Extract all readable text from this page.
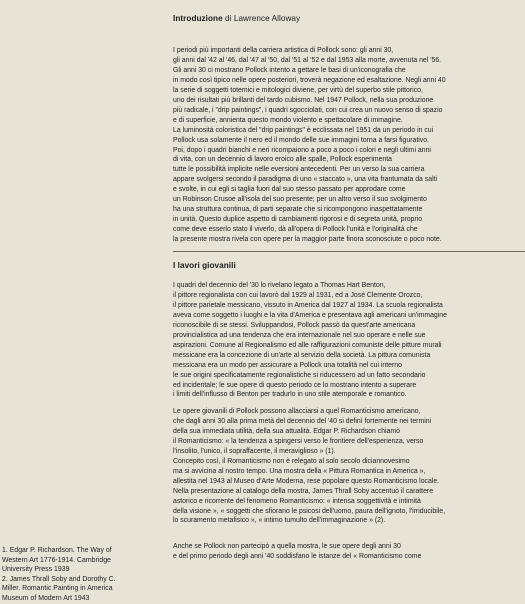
Introduzione di Lawrence Alloway
I periodi più importanti della carriera artistica di Pollock sono: gli anni 30,
gli anni dal '42 al '46, dal '47 al '50, dal '51 al '52 e dal 1953 alla morte, avvenuta nel '56.
Gli anni 30 ci mostrano Pollock intento a gettare le basi di un'iconografia che
in modo così tipico nelle opere posteriori, troverà negazione ed esaltazione. Negli anni 40
la serie di soggetti totemici e mitologici diviene, per virtù del superbo stile pittorico,
uno dei risultati più brillanti del tardo cubismo. Nel 1947 Pollock, nella sua produzione
più radicale, i "drip paintings", i quadri sgocciolati, con cui crea un nuovo senso di spazio
e di superficie, annienta questo mondo violento e spettacolare di immagine.
La luminosità coloristica del "drip paintings" è ecclissata nel 1951 da un periodo in cui
Pollock usa solamente il nero ed il mondo delle sue immagini torna a farsi figurativo.
Poi, dopo i quadri bianchi e neri ricompaiono a poco a poco i colori e negli ultimi anni
di vita, con un decennio di lavoro eroico alle spalle, Pollock esperimenta
tutte le possibilità implicite nelle eversioni antecedenti. Per un verso la sua carriera
appare svolgersi secondo il paradigma di uno « staccato », una vita frantumata da salti
e svolte, in cui egli si taglia fuori dal suo stesso passato per approdare come
un Robinson Crusoe all'isola del suo presente; per un altro verso il suo svolgimento
ha una struttura continua, di parti separate che si ricompongono inaspettatamente
in unità. Questo duplice aspetto di cambiamenti rigorosi e di segreta unità, proprio
come deve esserlo stato il viverlo, dà all'opera di Pollock l'unità e l'originalità che
la presente mostra rivela con opere per la maggior parte finora sconosciute o poco note.
I lavori giovanili
I quadri del decennio del '30 lo rivelano legato a Thomas Hart Benton,
il pittore regionalista con cui lavorò dal 1929 al 1931, ed a José Clemente Orozco,
il pittore parietale messicano, vissuto in America dal 1927 al 1934. La scuola regionalista
aveva come soggetto i luoghi e la vita d'America e presentava agli americani un'immagine
riconoscibile di se stessi. Sviluppandosi, Pollock passò da quest'arte americana
provincialistica ad una tendenza che era internazionale nel suo operare e nelle sue
aspirazioni. Comune al Regionalismo ed alle raffigurazioni comuniste delle pitture murali
messicane era la concezione di un'arte al servizio della società. La pittura comunista
messicana era un modo per assicurare a Pollock una totalità nel cui interno
le sue origini specificatamente regionalistiche si riducessero ad un fatto secondario
ed incidentale; le sue opere di questo periodo ce lo mostrano intento a superare
i limiti dell'influsso di Benton per tradurlo in uno stile atemporale e romantico.
Le opere giovanili di Pollock possono allacciarsi a quel Romanticismo americano,
che dagli anni 30 alla prima metà del decennio del '40 si definì fortemente nei termini
della sua immediata utilità, della sua attualità. Edgar P. Richardson chiamò
il Romanticismo: « la tendenza a spingersi verso le frontiere dell'esperienza, verso
l'insolito, l'unico, il sopraffacente, il meraviglioso » (1).
Concepito così, il Romanticismo non è relegato al solo secolo diciannovesimo
ma si avvicina al nostro tempo. Una mostra della « Pittura Romantica in America »,
allestita nel 1943 al Museo d'Arte Moderna, rese popolare questo Romanticismo locale.
Nella presentazione al catalogo della mostra, James Thrall Soby accentuò il carattere
astorico e ricorrente del fenomeno Romanticismo: « intensa soggettività e intimità
della visione », « soggetti che sfiorano le psicosi dell'uomo, paura dell'ignoto, l'irriducibile,
lo scuramento metafisico », « intimo tumulto dell'immaginazione » (2).
Anche se Pollock non partecipò a quella mostra, le sue opere degli anni 30
e del primo periodo degli anni '40 soddisfano le istanze del « Romanticismo come
1. Edgar P. Richardson. The Way of
Western Art 1776-1914. Cambridge
University Press 1939
2. James Thrall Soby and Dorothy C.
Miller. Romantic Painting in America
Museum of Modern Art 1943
